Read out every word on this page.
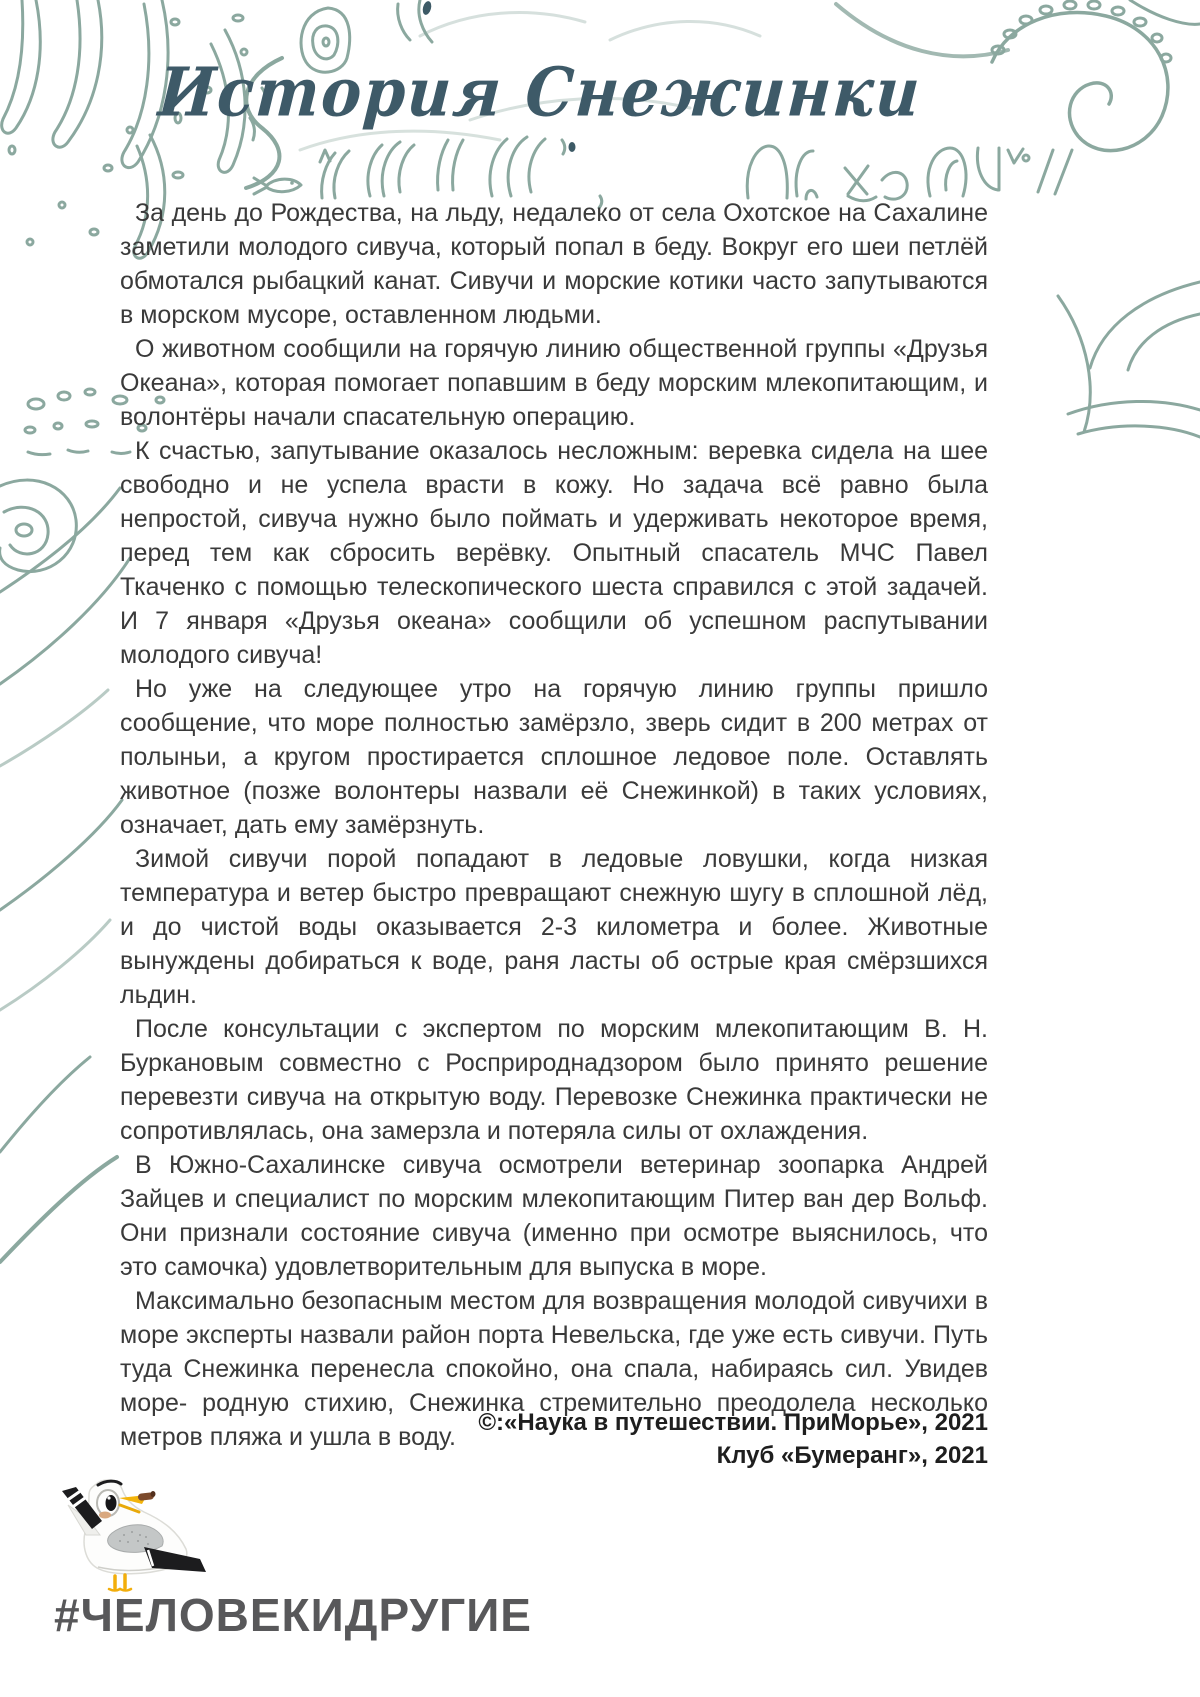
История Снежинки

За день до Рождества, на льду, недалеко от села Охотское на Сахалине заметили молодого сивуча, который попал в беду. Вокруг его шеи петлёй обмотался рыбацкий канат. Сивучи и морские котики часто запутываются в морском мусоре, оставленном людьми.

О животном сообщили на горячую линию общественной группы «Друзья Океана», которая помогает попавшим в беду морским млекопитающим, и волонтёры начали спасательную операцию.

К счастью, запутывание оказалось несложным: веревка сидела на шее свободно и не успела врасти в кожу. Но задача всё равно была непростой, сивуча нужно было поймать и удерживать некоторое время, перед тем как сбросить верёвку. Опытный спасатель МЧС Павел Ткаченко с помощью телескопического шеста справился с этой задачей. И 7 января «Друзья океана» сообщили об успешном распутывании молодого сивуча!

Но уже на следующее утро на горячую линию группы пришло сообщение, что море полностью замёрзло, зверь сидит в 200 метрах от полыньи, а кругом простирается сплошное ледовое поле. Оставлять животное (позже волонтеры назвали её Снежинкой) в таких условиях, означает, дать ему замёрзнуть.

Зимой сивучи порой попадают в ледовые ловушки, когда низкая температура и ветер быстро превращают снежную шугу в сплошной лёд, и до чистой воды оказывается 2-3 километра и более. Животные вынуждены добираться к воде, раня ласты об острые края смёрзшихся льдин.

После консультации с экспертом по морским млекопитающим В. Н. Буркановым совместно с Росприроднадзором было принято решение перевезти сивуча на открытую воду. Перевозке Снежинка практически не сопротивлялась, она замерзла и потеряла силы от охлаждения.

В Южно-Сахалинске сивуча осмотрели ветеринар зоопарка Андрей Зайцев и специалист по морским млекопитающим Питер ван дер Вольф. Они признали состояние сивуча (именно при осмотре выяснилось, что это самочка) удовлетворительным для выпуска в море.

Максимально безопасным местом для возвращения молодой сивучихи в море эксперты назвали район порта Невельска, где уже есть сивучи. Путь туда Снежинка перенесла спокойно, она спала, набираясь сил. Увидев море- родную стихию, Снежинка стремительно преодолела несколько метров пляжа и ушла в воду.

©:«Наука в путешествии. ПриМорье», 2021
Клуб «Бумеранг», 2021
#ЧЕЛОВЕКИДРУГИЕ
